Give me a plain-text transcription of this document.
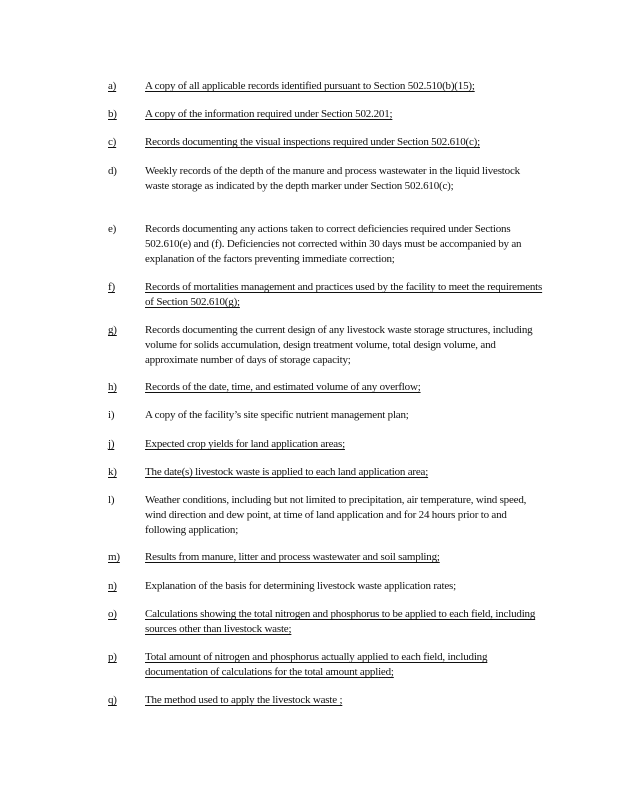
a)	A copy of all applicable records identified pursuant to Section 502.510(b)(15);
b)	A copy of the information required under Section 502.201;
c)	Records documenting the visual inspections required under Section 502.610(c);
d)	Weekly records of the depth of the manure and process wastewater in the liquid livestock waste storage as indicated by the depth marker under Section 502.610(c);
e)	Records documenting any actions taken to correct deficiencies required under Sections 502.610(e) and (f). Deficiencies not corrected within 30 days must be accompanied by an explanation of the factors preventing immediate correction;
f)	Records of mortalities management and practices used by the facility to meet the requirements of Section 502.610(g);
g)	Records documenting the current design of any livestock waste storage structures, including volume for solids accumulation, design treatment volume, total design volume, and approximate number of days of storage capacity;
h)	Records of the date, time, and estimated volume of any overflow;
i)	A copy of the facility’s site specific nutrient management plan;
j)	Expected crop yields for land application areas;
k)	The date(s) livestock waste is applied to each land application area;
l)	Weather conditions, including but not limited to precipitation, air temperature, wind speed, wind direction and dew point, at time of land application and for 24 hours prior to and following application;
m) Results from manure, litter and process wastewater and soil sampling;
n)	Explanation of the basis for determining livestock waste application rates;
o)	Calculations showing the total nitrogen and phosphorus to be applied to each field, including sources other than livestock waste;
p)	Total amount of nitrogen and phosphorus actually applied to each field, including documentation of calculations for the total amount applied;
q)	The method used to apply the livestock waste ;
